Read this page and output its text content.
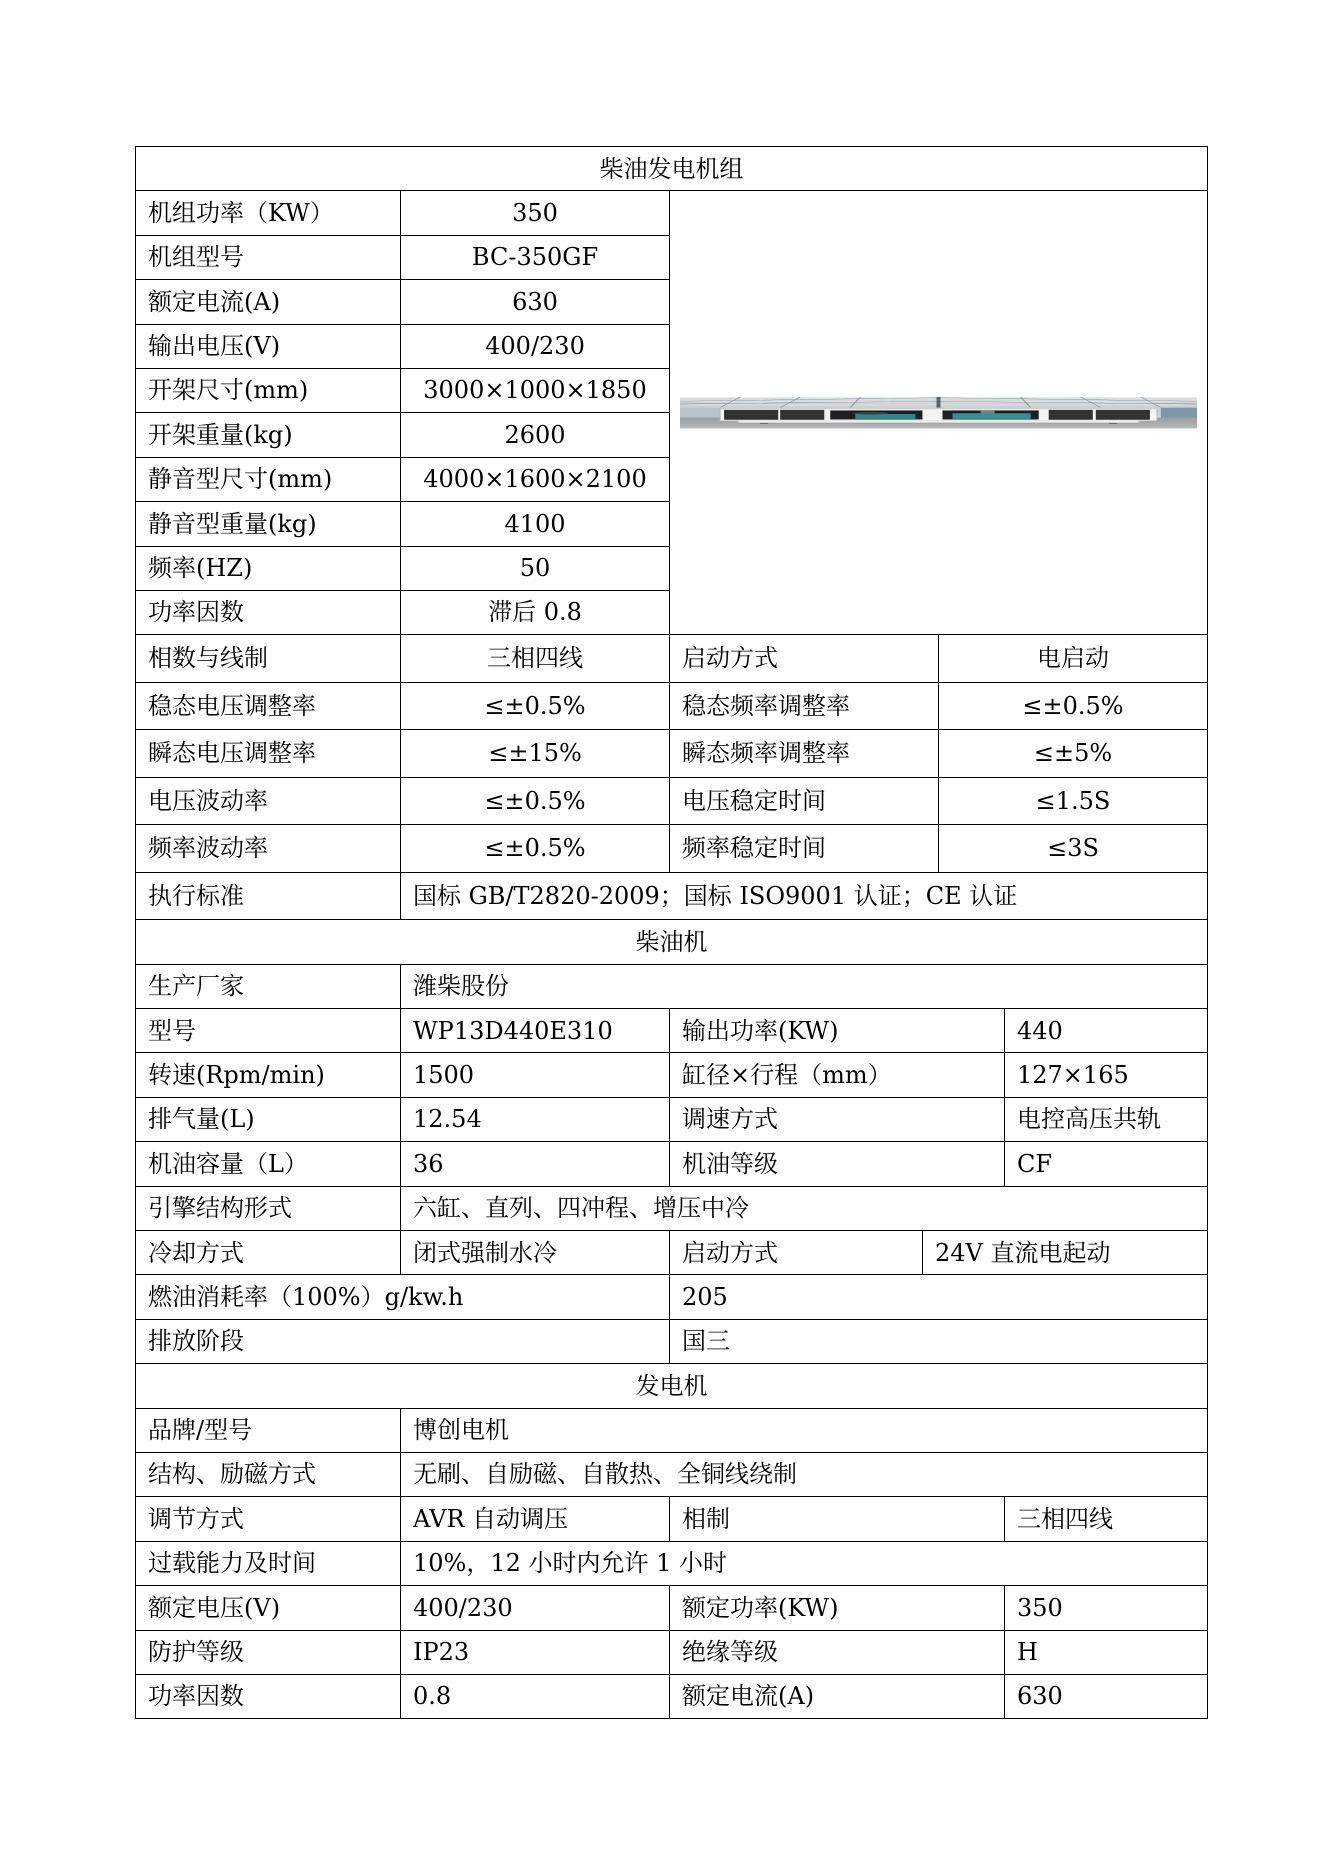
柴油发电机组			
机组功率（KW）	350	

机组型号	BC-350GF		
额定电流(A)	630		
输出电压(V)	400/230		
开架尺寸(mm)	3000×1000×1850		
开架重量(kg)	2600		
静音型尺寸(mm)	4000×1600×2100		
静音型重量(kg)	4100		
频率(HZ)	50		
功率因数	滞后 0.8		
相数与线制	三相四线	启动方式	电启动
稳态电压调整率	≤±0.5%	稳态频率调整率	≤±0.5%
瞬态电压调整率	≤±15%	瞬态频率调整率	≤±5%
电压波动率	≤±0.5%	电压稳定时间	≤1.5S
频率波动率	≤±0.5%	频率稳定时间	≤3S
执行标准	国标 GB/T2820-2009；国标 ISO9001 认证；CE 认证		
柴油机			
生产厂家	潍柴股份		
型号	WP13D440E310	输出功率(KW)	440
转速(Rpm/min)	1500	缸径×行程（mm）	127×165
排气量(L)	12.54	调速方式	电控高压共轨
机油容量（L）	36	机油等级	CF
引擎结构形式	六缸、直列、四冲程、增压中冷		
冷却方式	闭式强制水冷	启动方式	24V 直流电起动
燃油消耗率（100%）g/kw.h	205
排放阶段	国三
发电机			
品牌/型号	博创电机		
结构、励磁方式	无刷、自励磁、自散热、全铜线绕制		
调节方式	AVR 自动调压	相制	三相四线
过载能力及时间	10%，12 小时内允许 1 小时		
额定电压(V)	400/230	额定功率(KW)	350
防护等级	IP23	绝缘等级	H
功率因数	0.8	额定电流(A)	630
